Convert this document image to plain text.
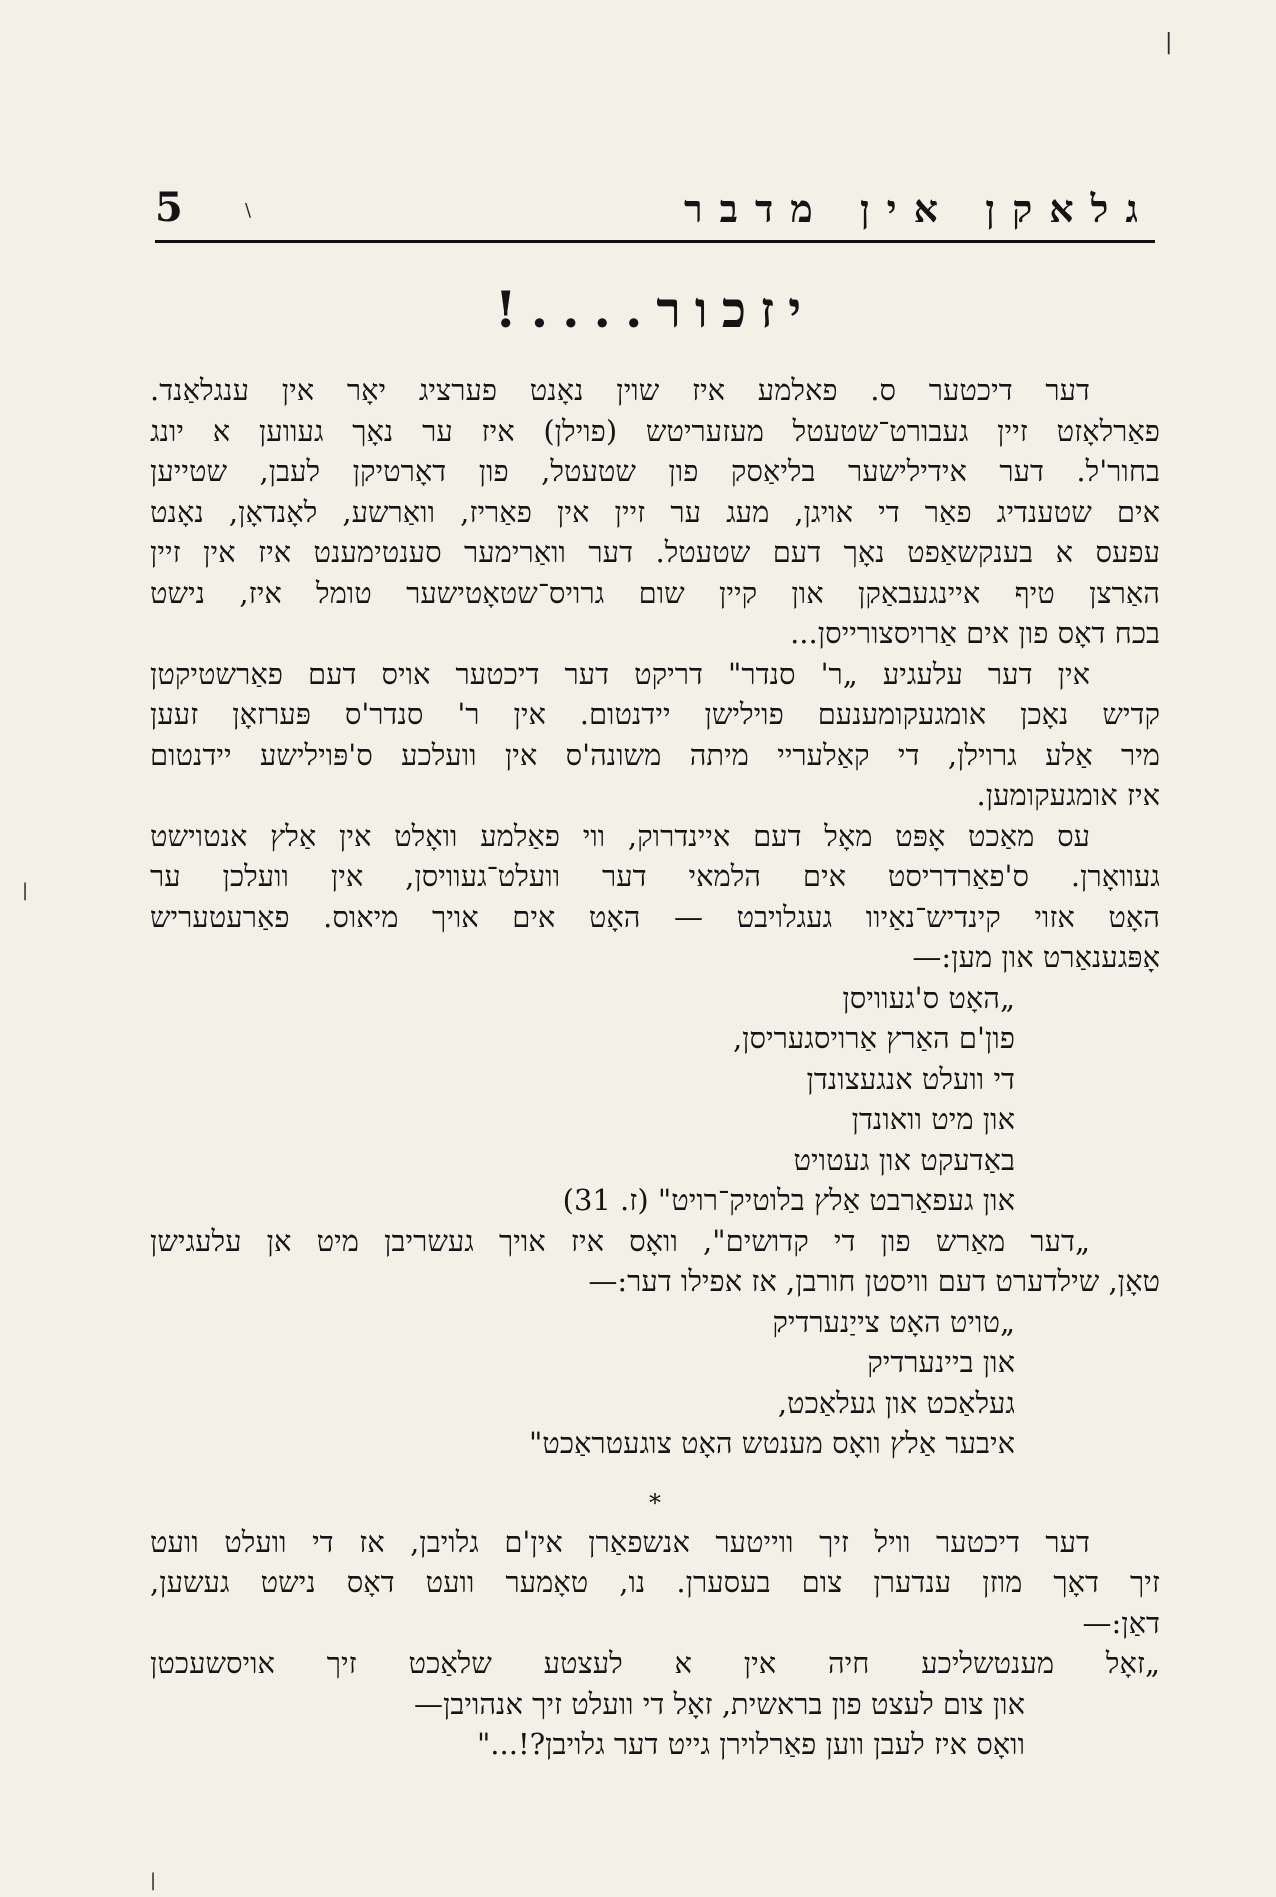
|
\
|
|
5	גלאקן אין מדבר
יזכור....!
דער דיכטער ס. פאלמע איז שוין נאָנט פערציג יאָר אין ענגלאַנד.
פאַרלאָזט זיין געבורט־שטעטל מעזעריטש (פוילן) איז ער נאָך געווען א יונג
בחור'ל. דער אידילישער בליאַסק פון שטעטל, פון דאָרטיקן לעבן, שטייען
אים שטענדיג פאַר די אויגן, מעג ער זיין אין פאַריז, וואַרשע, לאָנדאָן, נאָנט
עפעס א בענקשאַפט נאָך דעם שטעטל. דער וואַרימער סענטימענט איז אין זיין
האַרצן טיף איינגעבאַקן און קיין שום גרויס־שטאָטישער טומל איז, נישט
בכח דאָס פון אים אַרויסצורייסן...
אין דער עלעגיע „ר' סנדר" דריקט דער דיכטער אויס דעם פאַרשטיקטן
קדיש נאָכן אומגעקומענעם פוילישן יידנטום. אין ר' סנדר'ס פּערזאָן זעען
מיר אַלע גרוילן, די קאַלעריי מיתה משונה'ס אין וועלכע ס'פּוילישע יידנטום
איז אומגעקומען.
עס מאַכט אָפּט מאָל דעם איינדרוק, ווי פאַלמע וואָלט אין אַלץ אנטוישט
געוואָרן. ס'פאַרדריסט אים הלמאי דער וועלט־געוויסן, אין וועלכן ער
האָט אזוי קינדיש־נאַיוו געגלויבט — האָט אים אויך מיאוס. פאַרעטעריש
אָפּגענאַרט און מען:—
„האָט ס'געוויסן
פון'ם האַרץ אַרויסגעריסן,
די וועלט אנגעצונדן
און מיט וואונדן
באַדעקט און געטויט
און געפאַרבט אַלץ בלוטיק־רויט" (ז. 31)
„דער מאַרש פון די קדושים", וואָס איז אויך געשריבן מיט אן עלעגישן
טאָן, שילדערט דעם וויסטן חורבן, אז אפילו דער:—
„טויט האָט צייַנערדיק
און ביינערדיק
געלאַכט און געלאַכט,
איבער אַלץ וואָס מענטש האָט צוגעטראַכט"
*
דער דיכטער וויל זיך ווייטער אנשפאַרן אין'ם גלויבן, אז די וועלט וועט
זיך דאָך מוזן ענדערן צום בעסערן. נו, טאָמער וועט דאָס נישט געשען,
דאַן:—
„זאָל מענטשליכע חיה אין א לעצטע שלאַכט זיך אויסשעכטן
און צום לעצט פון בראשית, זאָל די וועלט זיך אנהויבן—
וואָס איז לעבן ווען פאַרלוירן גייט דער גלויבן?!..."
